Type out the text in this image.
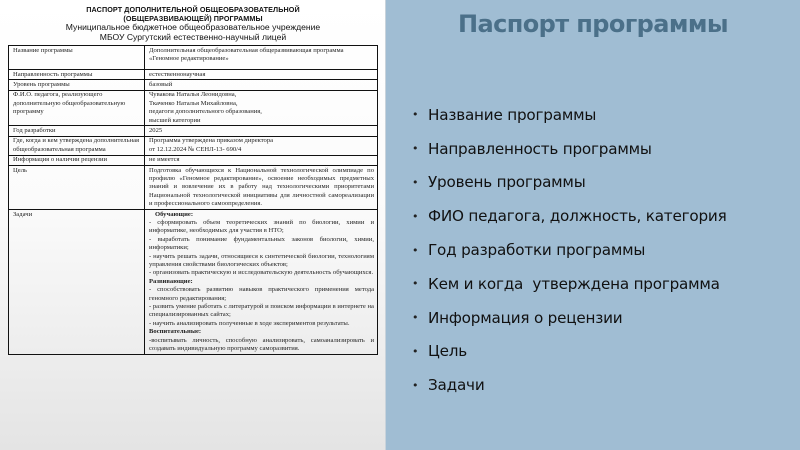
ПАСПОРТ ДОПОЛНИТЕЛЬНОЙ ОБЩЕОБРАЗОВАТЕЛЬНОЙ
(ОБЩЕРАЗВИВАЮЩЕЙ) ПРОГРАММЫ
Муниципальное бюджетное общеобразовательное учреждение
МБОУ Сургутский естественно-научный лицей
Название программы	Дополнительная общеобразовательная общеразвивающая программа «Геномное редактирование»
Направленность программы	естественнонаучная
Уровень программы	базовый
Ф.И.О. педагога, реализующего дополнительную общеобразовательную программу	Чувакова Наталья Леонидовна,
Ткаченко Наталья Михайловна,
педагоги дополнительного образования,
высшей категории

Год разработки	2025
Где, когда и кем утверждена дополнительная общеобразовательная программа	Программа утверждена приказом директора
от 12.12.2024 № СЕНЛ-13- 690/4

Информация о наличии рецензии	не имеется
Цель	Подготовка обучающихся к Национальной технологической олимпиаде по профилю «Геномное редактирование», освоение необходимых предметных знаний и вовлечение их в работу над технологическими приоритетами Национальной технологической инициативы для личностной самореализации и профессионального самоопределения.
Задачи	Обучающие:
- сформировать объем теоретических знаний по биологии, химии и информатике, необходимых для участия в НТО;
- выработать понимание фундаментальных законов биологии, химии, информатики;
- научить решать задачи, относящиеся к синтетической биологии, технологиям управления свойствами биологических объектов;
- организовать практическую и исследовательскую деятельность обучающихся.
Развивающие:
- способствовать развитию навыков практического применения метода геномного редактирования;
- развить умение работать с литературой и поиском информации в интернете на специализированных сайтах;
- научить анализировать полученные в ходе экспериментов результаты.
Воспитательные:
-воспитывать личность, способную анализировать, самоанализировать и создавать индивидуальную программу саморазвития.
Паспорт программы
• Название программы
• Направленность программы
• Уровень программы
• ФИО педагога, должность, категория
• Год разработки программы
• Кем и когда  утверждена программа
• Информация о рецензии
• Цель
• Задачи
